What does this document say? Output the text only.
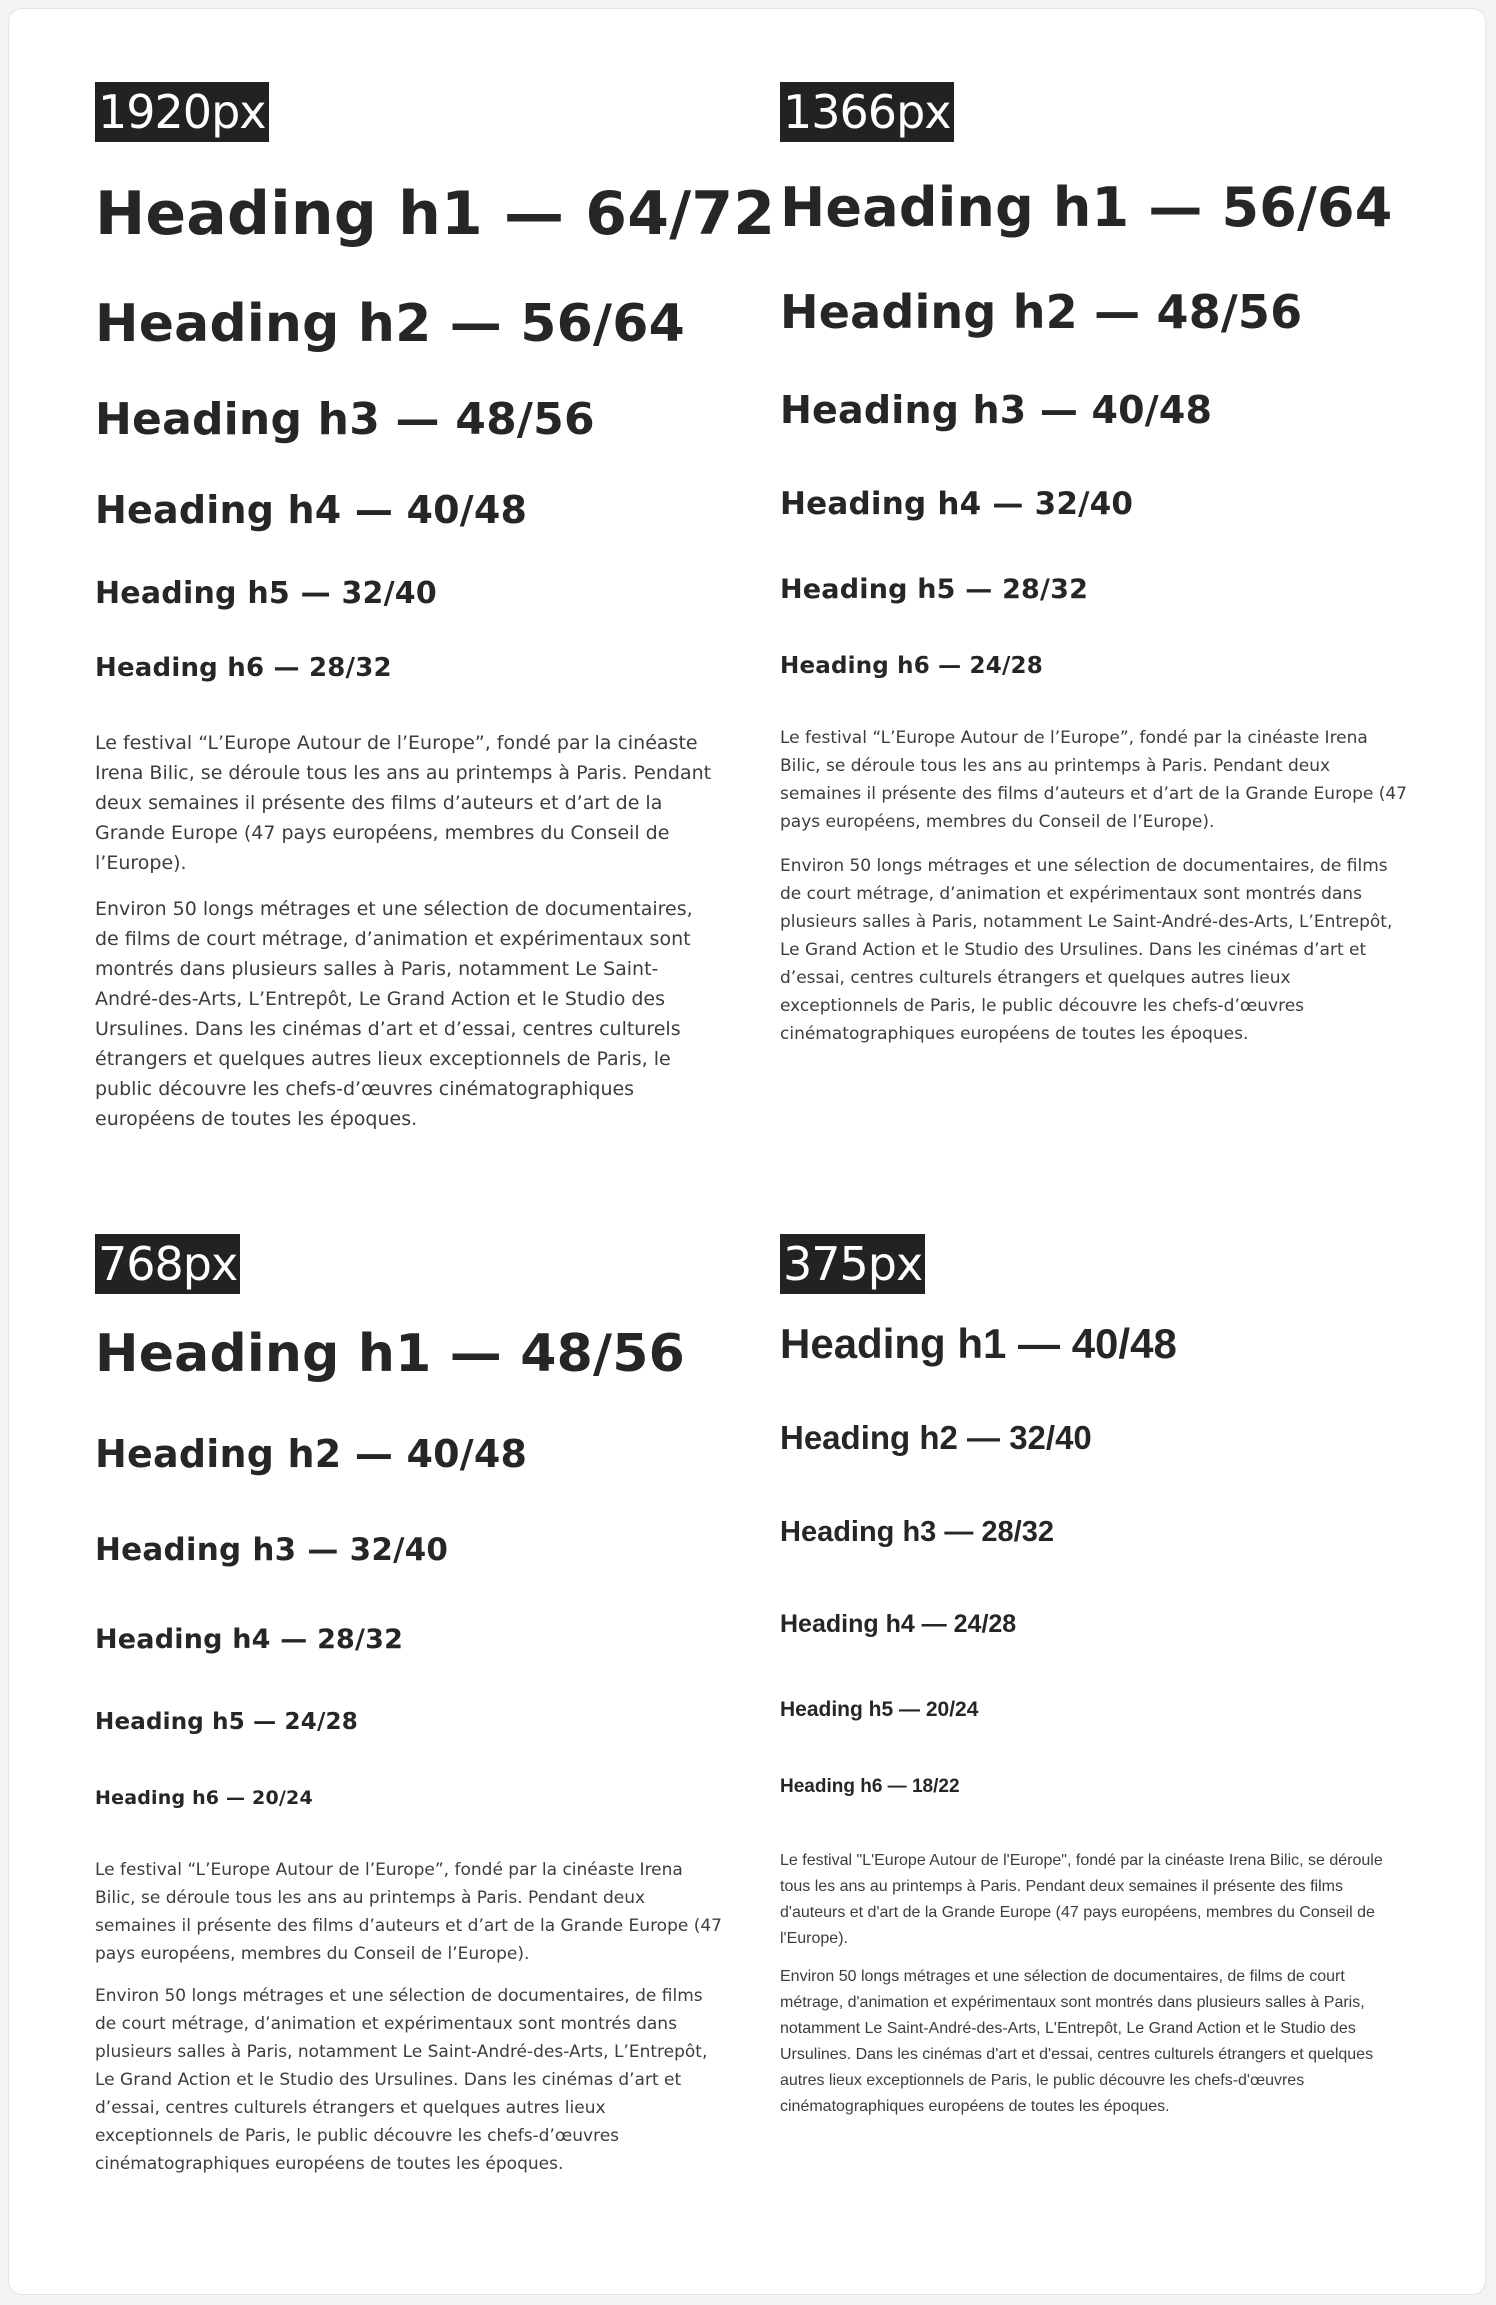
1920px
Heading h1 — 64/72
Heading h2 — 56/64
Heading h3 — 48/56
Heading h4 — 40/48
Heading h5 — 32/40
Heading h6 — 28/32

Le festival “L’Europe Autour de l’Europe”, fondé par la cinéaste Irena Bilic, se déroule tous les ans au printemps à Paris. Pendant deux semaines il présente des films d’auteurs et d’art de la Grande Europe (47 pays européens, membres du Conseil de l’Europe).

Environ 50 longs métrages et une sélection de documentaires, de films de court métrage, d’animation et expérimentaux sont montrés dans plusieurs salles à Paris, notamment Le Saint-André-des-Arts, L’Entrepôt, Le Grand Action et le Studio des Ursulines. Dans les cinémas d’art et d’essai, centres culturels étrangers et quelques autres lieux exceptionnels de Paris, le public découvre les chefs-d’œuvres cinématographiques européens de toutes les époques.

1366px
Heading h1 — 56/64
Heading h2 — 48/56
Heading h3 — 40/48
Heading h4 — 32/40
Heading h5 — 28/32
Heading h6 — 24/28

Le festival “L’Europe Autour de l’Europe”, fondé par la cinéaste Irena Bilic, se déroule tous les ans au printemps à Paris. Pendant deux semaines il présente des films d’auteurs et d’art de la Grande Europe (47 pays européens, membres du Conseil de l’Europe).

Environ 50 longs métrages et une sélection de documentaires, de films de court métrage, d’animation et expérimentaux sont montrés dans plusieurs salles à Paris, notamment Le Saint-André-des-Arts, L’Entrepôt, Le Grand Action et le Studio des Ursulines. Dans les cinémas d’art et d’essai, centres culturels étrangers et quelques autres lieux exceptionnels de Paris, le public découvre les chefs-d’œuvres cinématographiques européens de toutes les époques.

768px
Heading h1 — 48/56
Heading h2 — 40/48
Heading h3 — 32/40
Heading h4 — 28/32
Heading h5 — 24/28
Heading h6 — 20/24

Le festival “L’Europe Autour de l’Europe”, fondé par la cinéaste Irena Bilic, se déroule tous les ans au printemps à Paris. Pendant deux semaines il présente des films d’auteurs et d’art de la Grande Europe (47 pays européens, membres du Conseil de l’Europe).

Environ 50 longs métrages et une sélection de documentaires, de films de court métrage, d’animation et expérimentaux sont montrés dans plusieurs salles à Paris, notamment Le Saint-André-des-Arts, L’Entrepôt, Le Grand Action et le Studio des Ursulines. Dans les cinémas d’art et d’essai, centres culturels étrangers et quelques autres lieux exceptionnels de Paris, le public découvre les chefs-d’œuvres cinématographiques européens de toutes les époques.

375px
Heading h1 — 40/48
Heading h2 — 32/40
Heading h3 — 28/32
Heading h4 — 24/28
Heading h5 — 20/24
Heading h6 — 18/22

Le festival "L'Europe Autour de l'Europe", fondé par la cinéaste Irena Bilic, se déroule tous les ans au printemps à Paris. Pendant deux semaines il présente des films d'auteurs et d'art de la Grande Europe (47 pays européens, membres du Conseil de l'Europe).

Environ 50 longs métrages et une sélection de documentaires, de films de court métrage, d'animation et expérimentaux sont montrés dans plusieurs salles à Paris, notamment Le Saint-André-des-Arts, L'Entrepôt, Le Grand Action et le Studio des Ursulines. Dans les cinémas d'art et d'essai, centres culturels étrangers et quelques autres lieux exceptionnels de Paris, le public découvre les chefs-d'œuvres cinématographiques européens de toutes les époques.
